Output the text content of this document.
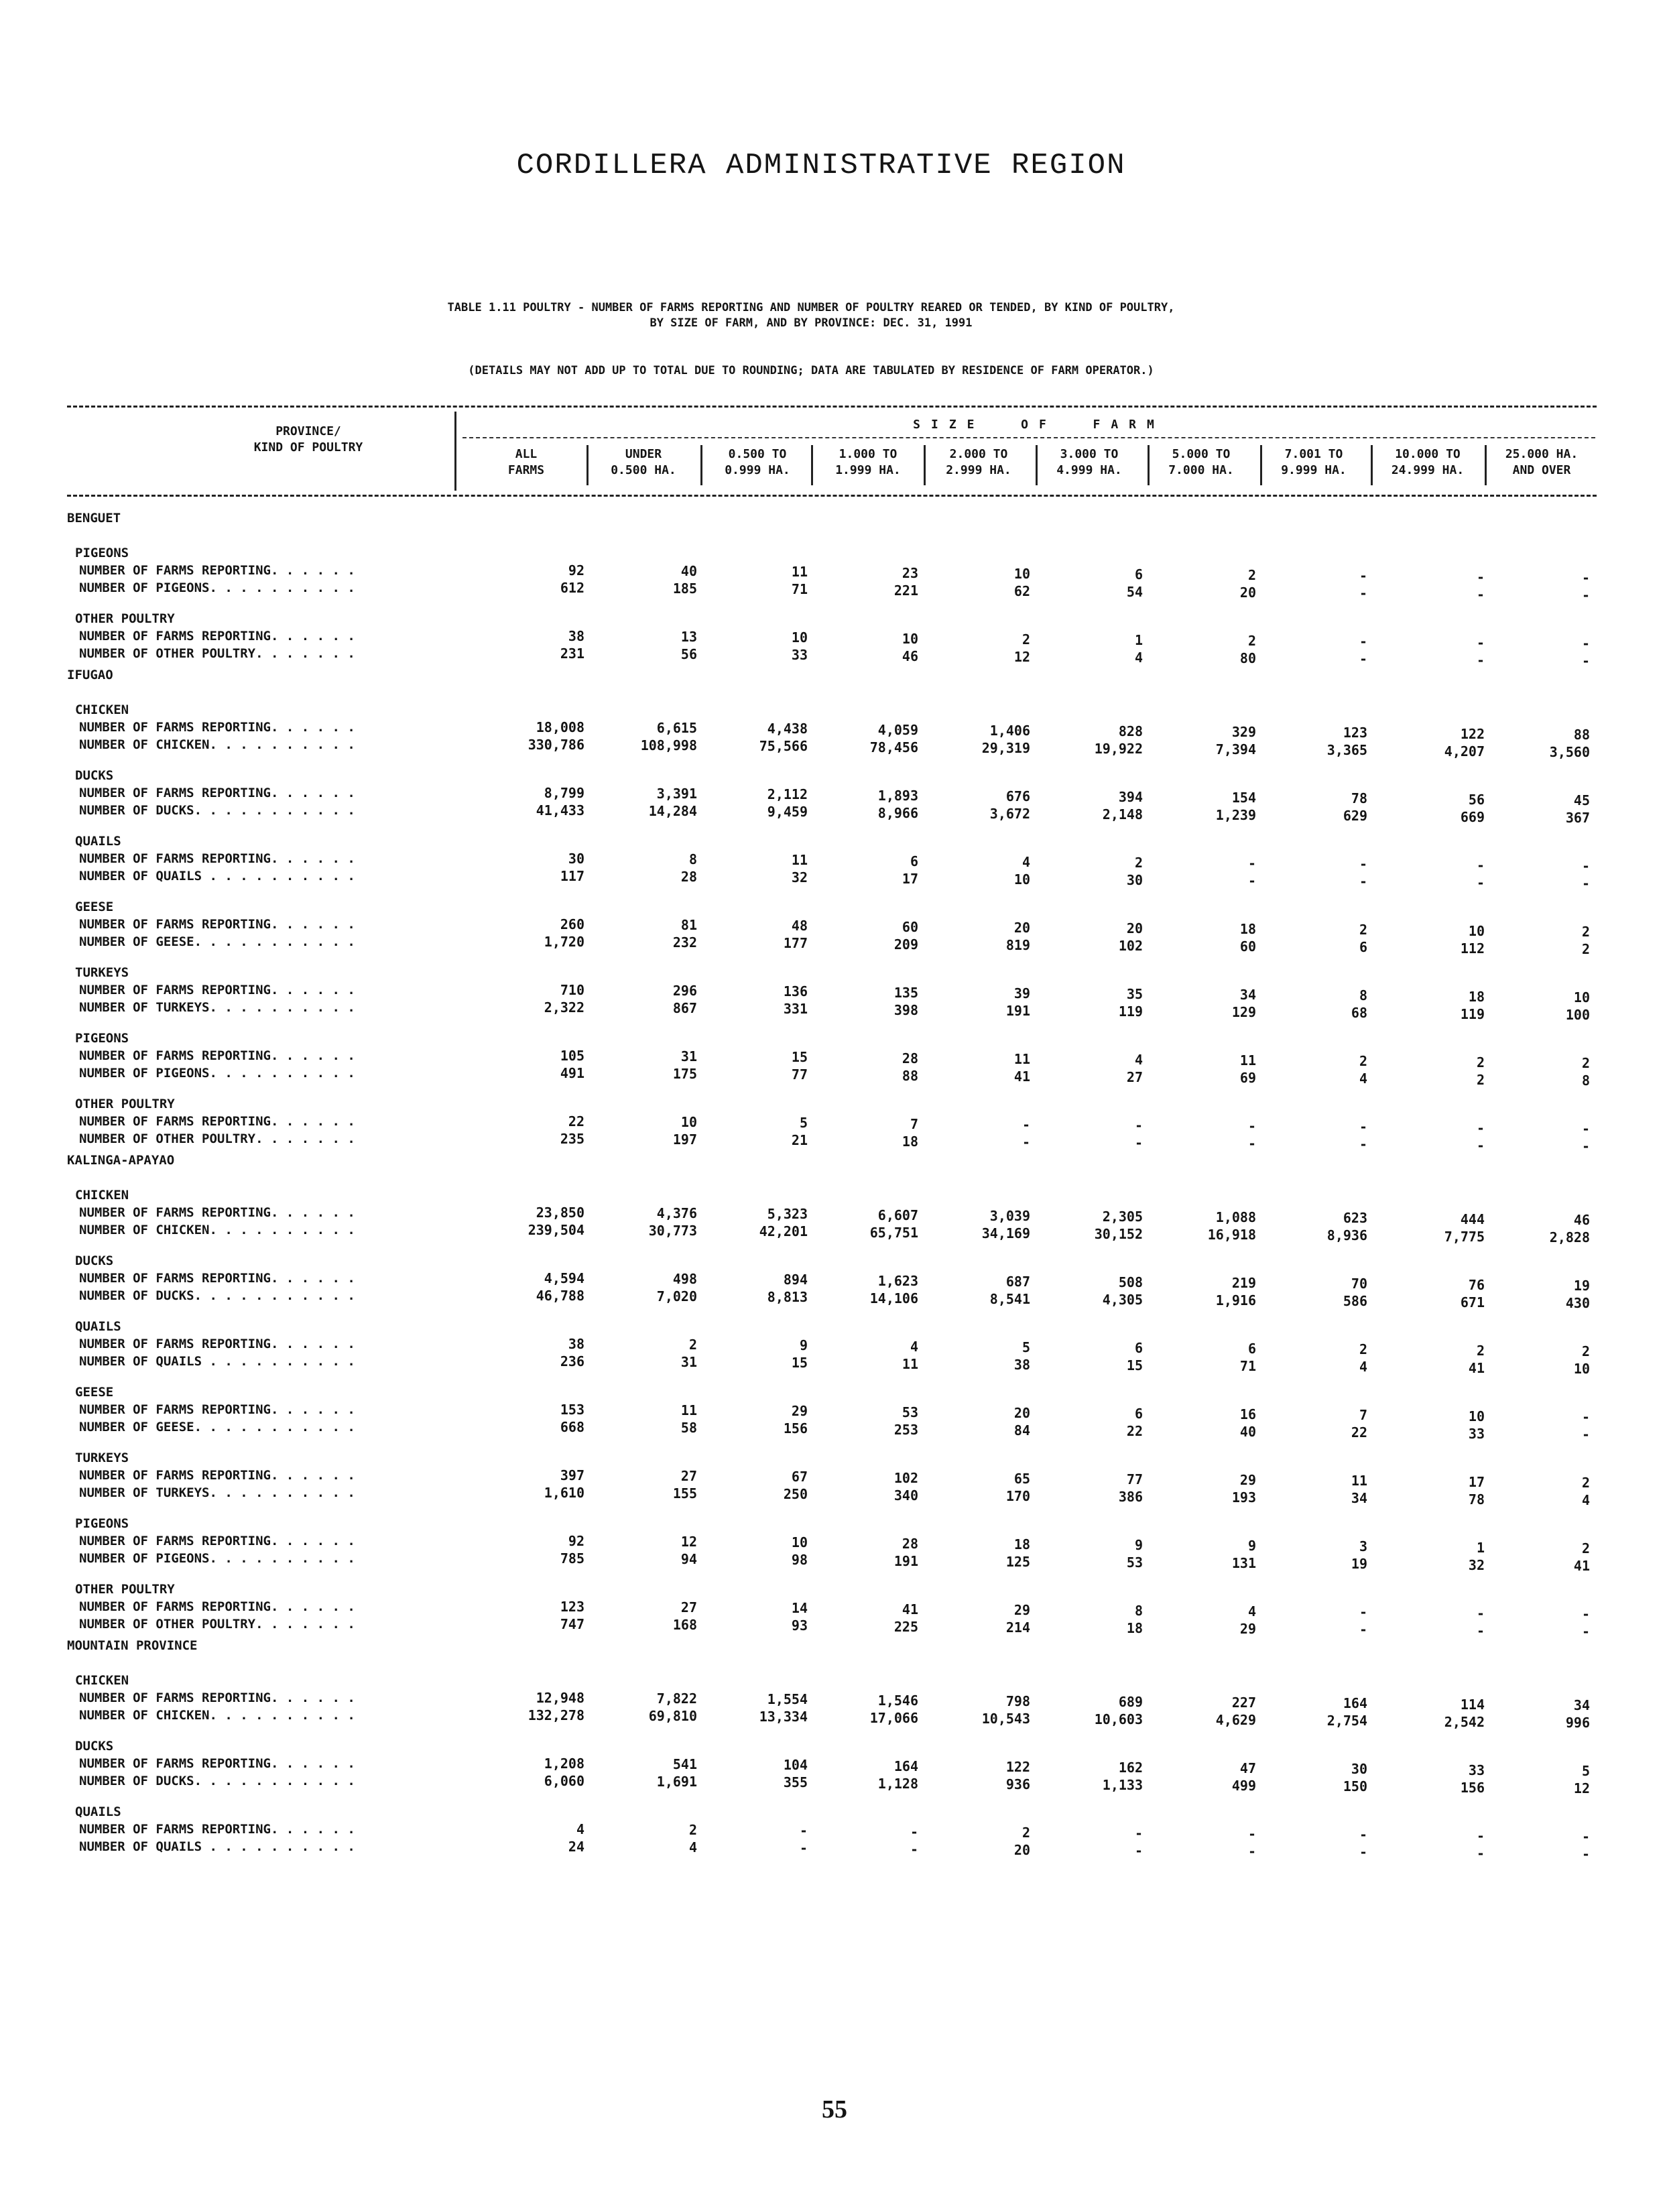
CORDILLERA ADMINISTRATIVE REGION
TABLE 1.11 POULTRY - NUMBER OF FARMS REPORTING AND NUMBER OF POULTRY REARED OR TENDED, BY KIND OF POULTRY,
BY SIZE OF FARM, AND BY PROVINCE: DEC. 31, 1991
(DETAILS MAY NOT ADD UP TO TOTAL DUE TO ROUNDING; DATA ARE TABULATED BY RESIDENCE OF FARM OPERATOR.)
PROVINCE/
KIND OF POULTRY
SIZE  OF  FARM
ALL
FARMS
UNDER
0.500 HA.
0.500 TO
0.999 HA.
1.000 TO
1.999 HA.
2.000 TO
2.999 HA.
3.000 TO
4.999 HA.
5.000 TO
7.000 HA.
7.001 TO
9.999 HA.
10.000 TO
24.999 HA.
25.000 HA.
AND OVER
BENGUET
PIGEONS
NUMBER OF FARMS REPORTING. . . . . .	92	40	11	23	10	6	2	-	-	-
NUMBER OF PIGEONS. . . . . . . . . .	612	185	71	221	62	54	20	-	-	-
OTHER POULTRY
NUMBER OF FARMS REPORTING. . . . . .	38	13	10	10	2	1	2	-	-	-
NUMBER OF OTHER POULTRY. . . . . . .	231	56	33	46	12	4	80	-	-	-
IFUGAO
CHICKEN
NUMBER OF FARMS REPORTING. . . . . .	18,008	6,615	4,438	4,059	1,406	828	329	123	122	88
NUMBER OF CHICKEN. . . . . . . . . .	330,786	108,998	75,566	78,456	29,319	19,922	7,394	3,365	4,207	3,560
DUCKS
NUMBER OF FARMS REPORTING. . . . . .	8,799	3,391	2,112	1,893	676	394	154	78	56	45
NUMBER OF DUCKS. . . . . . . . . . .	41,433	14,284	9,459	8,966	3,672	2,148	1,239	629	669	367
QUAILS
NUMBER OF FARMS REPORTING. . . . . .	30	8	11	6	4	2	-	-	-	-
NUMBER OF QUAILS . . . . . . . . . .	117	28	32	17	10	30	-	-	-	-
GEESE
NUMBER OF FARMS REPORTING. . . . . .	260	81	48	60	20	20	18	2	10	2
NUMBER OF GEESE. . . . . . . . . . .	1,720	232	177	209	819	102	60	6	112	2
TURKEYS
NUMBER OF FARMS REPORTING. . . . . .	710	296	136	135	39	35	34	8	18	10
NUMBER OF TURKEYS. . . . . . . . . .	2,322	867	331	398	191	119	129	68	119	100
PIGEONS
NUMBER OF FARMS REPORTING. . . . . .	105	31	15	28	11	4	11	2	2	2
NUMBER OF PIGEONS. . . . . . . . . .	491	175	77	88	41	27	69	4	2	8
OTHER POULTRY
NUMBER OF FARMS REPORTING. . . . . .	22	10	5	7	-	-	-	-	-	-
NUMBER OF OTHER POULTRY. . . . . . .	235	197	21	18	-	-	-	-	-	-
KALINGA-APAYAO
CHICKEN
NUMBER OF FARMS REPORTING. . . . . .	23,850	4,376	5,323	6,607	3,039	2,305	1,088	623	444	46
NUMBER OF CHICKEN. . . . . . . . . .	239,504	30,773	42,201	65,751	34,169	30,152	16,918	8,936	7,775	2,828
DUCKS
NUMBER OF FARMS REPORTING. . . . . .	4,594	498	894	1,623	687	508	219	70	76	19
NUMBER OF DUCKS. . . . . . . . . . .	46,788	7,020	8,813	14,106	8,541	4,305	1,916	586	671	430
QUAILS
NUMBER OF FARMS REPORTING. . . . . .	38	2	9	4	5	6	6	2	2	2
NUMBER OF QUAILS . . . . . . . . . .	236	31	15	11	38	15	71	4	41	10
GEESE
NUMBER OF FARMS REPORTING. . . . . .	153	11	29	53	20	6	16	7	10	-
NUMBER OF GEESE. . . . . . . . . . .	668	58	156	253	84	22	40	22	33	-
TURKEYS
NUMBER OF FARMS REPORTING. . . . . .	397	27	67	102	65	77	29	11	17	2
NUMBER OF TURKEYS. . . . . . . . . .	1,610	155	250	340	170	386	193	34	78	4
PIGEONS
NUMBER OF FARMS REPORTING. . . . . .	92	12	10	28	18	9	9	3	1	2
NUMBER OF PIGEONS. . . . . . . . . .	785	94	98	191	125	53	131	19	32	41
OTHER POULTRY
NUMBER OF FARMS REPORTING. . . . . .	123	27	14	41	29	8	4	-	-	-
NUMBER OF OTHER POULTRY. . . . . . .	747	168	93	225	214	18	29	-	-	-
MOUNTAIN PROVINCE
CHICKEN
NUMBER OF FARMS REPORTING. . . . . .	12,948	7,822	1,554	1,546	798	689	227	164	114	34
NUMBER OF CHICKEN. . . . . . . . . .	132,278	69,810	13,334	17,066	10,543	10,603	4,629	2,754	2,542	996
DUCKS
NUMBER OF FARMS REPORTING. . . . . .	1,208	541	104	164	122	162	47	30	33	5
NUMBER OF DUCKS. . . . . . . . . . .	6,060	1,691	355	1,128	936	1,133	499	150	156	12
QUAILS
NUMBER OF FARMS REPORTING. . . . . .	4	2	-	-	2	-	-	-	-	-
NUMBER OF QUAILS . . . . . . . . . .	24	4	-	-	20	-	-	-	-	-
55
